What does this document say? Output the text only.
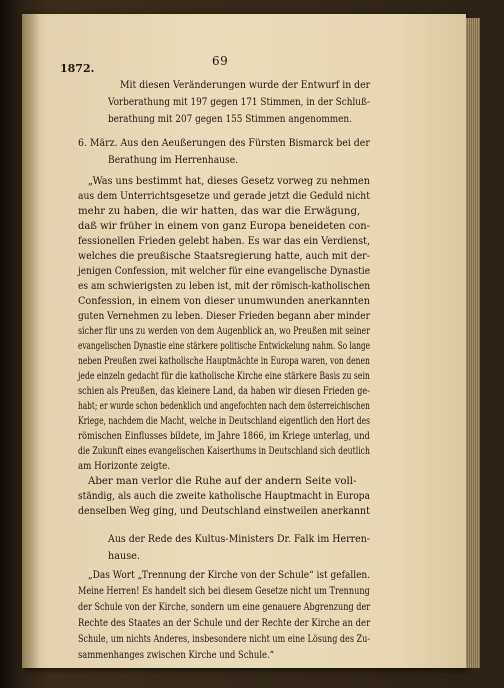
69
1872.
Mit diesen Veränderungen wurde der Entwurf in der
Vorberathung mit 197 gegen 171 Stimmen, in der Schluß-
berathung mit 207 gegen 155 Stimmen angenommen.
6. März. Aus den Aeußerungen des Fürsten Bismarck bei der
Berathung im Herrenhause.
„Was uns bestimmt hat, dieses Gesetz vorweg zu nehmen
aus dem Unterrichtsgesetze und gerade jetzt die Geduld nicht
mehr zu haben, die wir hatten, das war die Erwägung,
daß wir früher in einem von ganz Europa beneideten con-
fessionellen Frieden gelebt haben. Es war das ein Verdienst,
welches die preußische Staatsregierung hatte, auch mit der-
jenigen Confession, mit welcher für eine evangelische Dynastie
es am schwierigsten zu leben ist, mit der römisch-katholischen
Confession, in einem von dieser unumwunden anerkannten
guten Vernehmen zu leben. Dieser Frieden begann aber minder
sicher für uns zu werden von dem Augenblick an, wo Preußen mit seiner
evangelischen Dynastie eine stärkere politische Entwickelung nahm. So lange
neben Preußen zwei katholische Hauptmächte in Europa waren, von denen
jede einzeln gedacht für die katholische Kirche eine stärkere Basis zu sein
schien als Preußen, das kleinere Land, da haben wir diesen Frieden ge-
habt; er wurde schon bedenklich und angefochten nach dem österreichischen
Kriege, nachdem die Macht, welche in Deutschland eigentlich den Hort des
römischen Einflusses bildete, im Jahre 1866, im Kriege unterlag, und
die Zukunft eines evangelischen Kaiserthums in Deutschland sich deutlich
am Horizonte zeigte.
Aber man verlor die Ruhe auf der andern Seite voll-
ständig, als auch die zweite katholische Hauptmacht in Europa
denselben Weg ging, und Deutschland einstweilen anerkannt
Aus der Rede des Kultus-Ministers Dr. Falk im Herren-
hause.
„Das Wort „Trennung der Kirche von der Schule“ ist gefallen.
Meine Herren! Es handelt sich bei diesem Gesetze nicht um Trennung
der Schule von der Kirche, sondern um eine genauere Abgrenzung der
Rechte des Staates an der Schule und der Rechte der Kirche an der
Schule, um nichts Anderes, insbesondere nicht um eine Lösung des Zu-
sammenhanges zwischen Kirche und Schule.“
